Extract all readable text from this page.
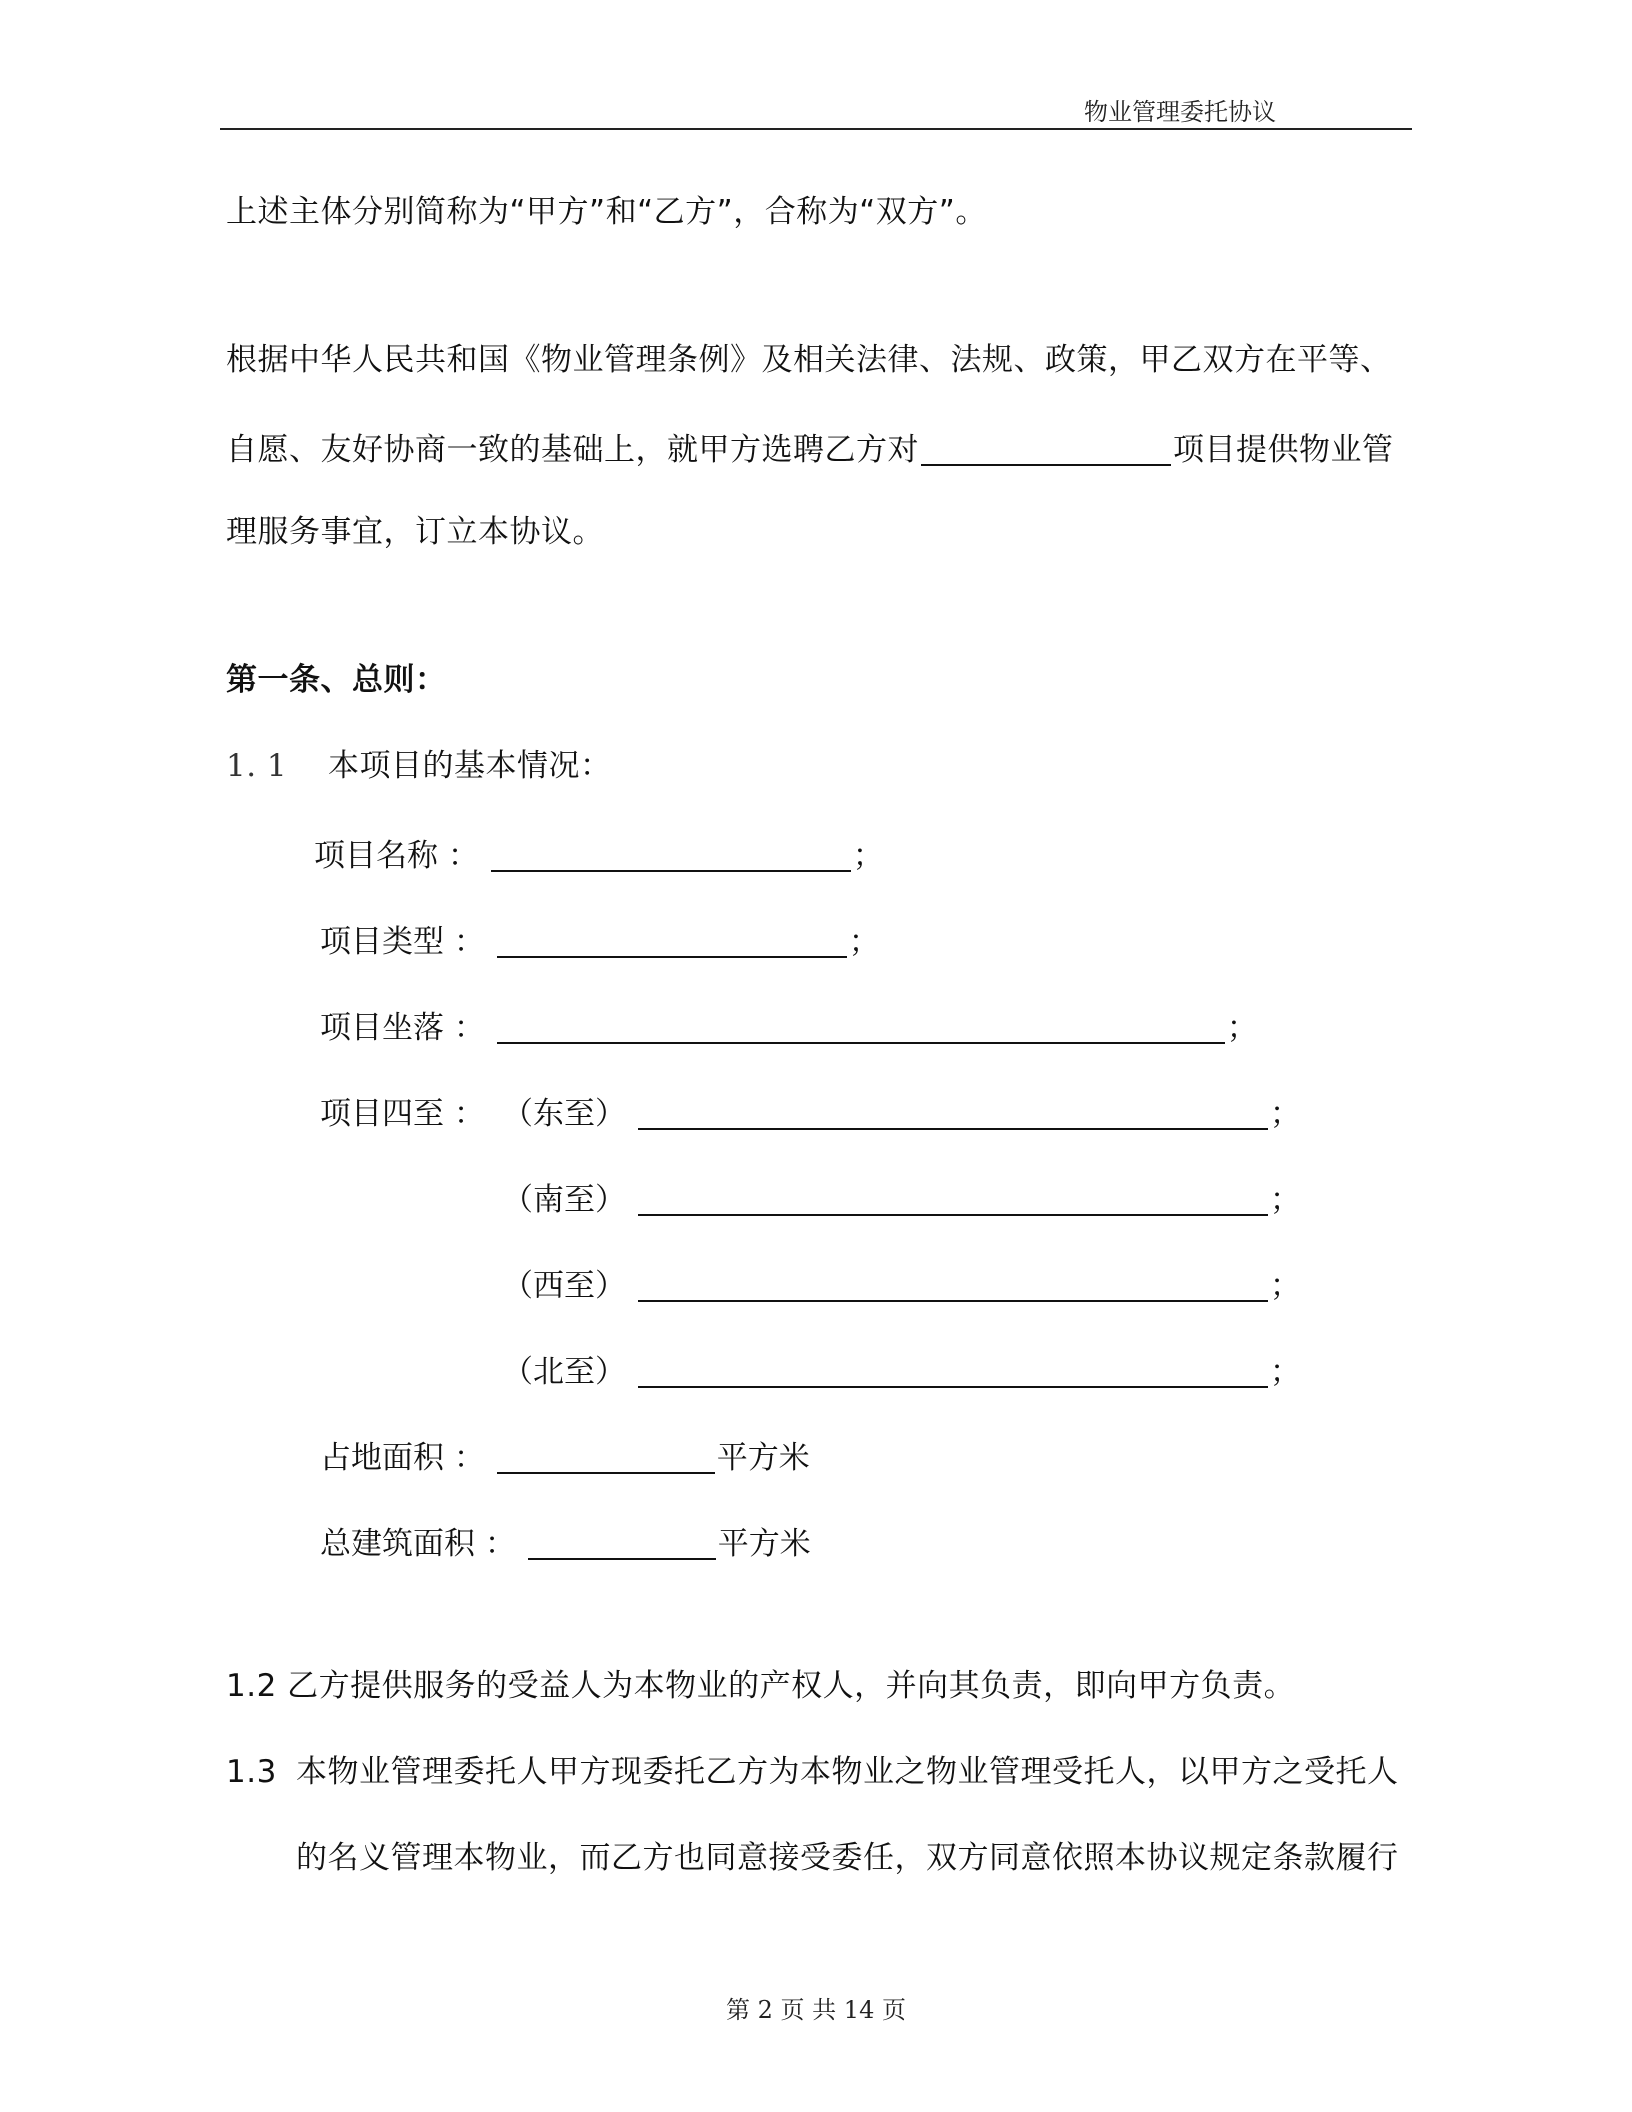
物业管理委托协议
上述主体分别简称为“甲方”和“乙方”，合称为“双方”。
根据中华人民共和国《物业管理条例》及相关法律、法规、政策，甲乙双方在平等、
自愿、友好协商一致的基础上，就甲方选聘乙方对	项目提供物业管
理服务事宜，订立本协议。
第一条、总则：
1. 1 本项目的基本情况：
项目名称 ：	；
项目类型 ：	；
项目坐落 ：	；
项目四至 ： （东至）	；
（南至）	；
（西至）	；
（北至）	；
占地面积 ：	平方米
总建筑面积 ：	平方米
1.2 乙方提供服务的受益人为本物业的产权人，并向其负责，即向甲方负责。
1.3 本物业管理委托人甲方现委托乙方为本物业之物业管理受托人，以甲方之受托人
的名义管理本物业，而乙方也同意接受委任，双方同意依照本协议规定条款履行
第 2 页 共 14 页
